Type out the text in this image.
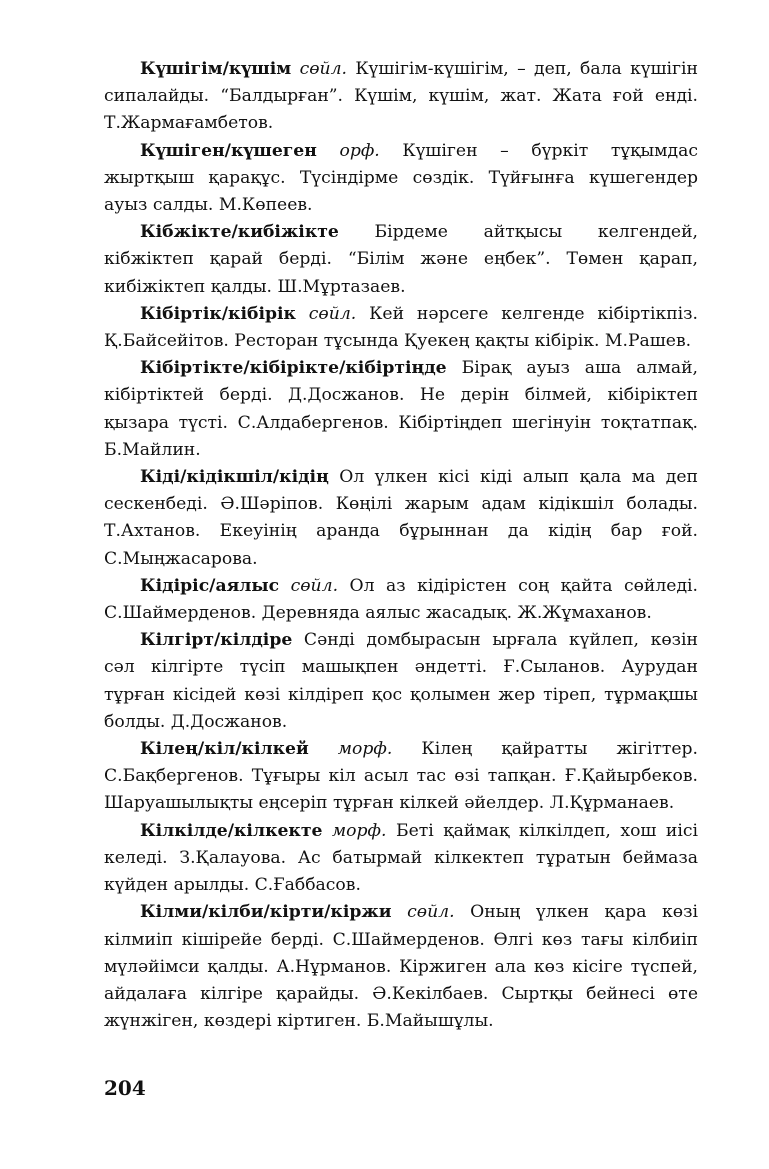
Күшігім/күшім сөйл. Күшігім-күшігім, – деп, бала күшігін сипалайды. “Балдырған”. Күшім, күшім, жат. Жата ғой енді. Т.Жармағамбетов.

Күшіген/күшеген орф. Күшіген – бүркіт тұқымдас жыртқыш қарақұс. Түсіндірме сөздік. Түйғынға күшегендер ауыз салды. М.Көпеев.

Кібжікте/кибіжікте Бірдеме айтқысы келгендей, кібжіктеп қарай берді. “Білім және еңбек”. Төмен қарап, кибіжіктеп қалды. Ш.Мұртазаев.

Кібіртік/кібірік сөйл. Кей нәрсеге келгенде кібіртікпіз. Қ.Байсейітов. Ресторан тұсында Қуекең қақты кібірік. М.Рашев.

Кібіртікте/кібірікте/кібіртіңде Бірақ ауыз аша алмай, кібіртіктей берді. Д.Досжанов. Не дерін білмей, кібіріктеп қызара түсті. С.Алдабергенов. Кібіртіңдеп шегінуін тоқтатпақ. Б.Майлин.

Кіді/кідікшіл/кідің Ол үлкен кісі кіді алып қала ма деп сескенбеді. Ә.Шәріпов. Көңілі жарым адам кідікшіл болады. Т.Ахтанов. Екеуінің арaнда бұрыннан да кідің бар ғой. С.Мыңжасарова.

Кідіріс/аялыс сөйл. Ол аз кідірістен соң қайта сөйледі. С.Шаймерденов. Деревняда аялыс жасадық. Ж.Жұмаханов.

Кілгірт/кілдіре Сәнді домбырасын ырғала күйлеп, көзін сәл кілгірте түсіп машықпен әндетті. Ғ.Сыланов. Аурудан тұрған кісідей көзі кілдіреп қос қолымен жер тіреп, тұрмақшы болды. Д.Досжанов.

Кілең/кіл/кілкей морф. Кілең қайратты жігіттер. С.Бақбергенов. Тұғыры кіл асыл тас өзі тапқан. Ғ.Қайырбеков. Шаруашылықты еңсеріп тұрған кілкей әйелдер. Л.Құрманаев.

Кілкілде/кілкекте морф. Беті қаймақ кілкілдеп, хош иісі келеді. З.Қалауова. Ас батырмай кілкектеп тұратын беймаза күйден арылды. С.Ғаббасов.

Кілми/кілби/кірти/кіржи сөйл. Оның үлкен қара көзі кілмиіп кішірейе берді. С.Шаймерденов. Өлгі көз тағы кілбиіп мүләйімси қалды. А.Нұрманов. Кіржиген ала көз кісіге түспей, айдалаға кілгіре қарайды. Ә.Кекілбаев. Сыртқы бейнесі өте жүнжіген, көздері кіртиген. Б.Майышұлы.

204
